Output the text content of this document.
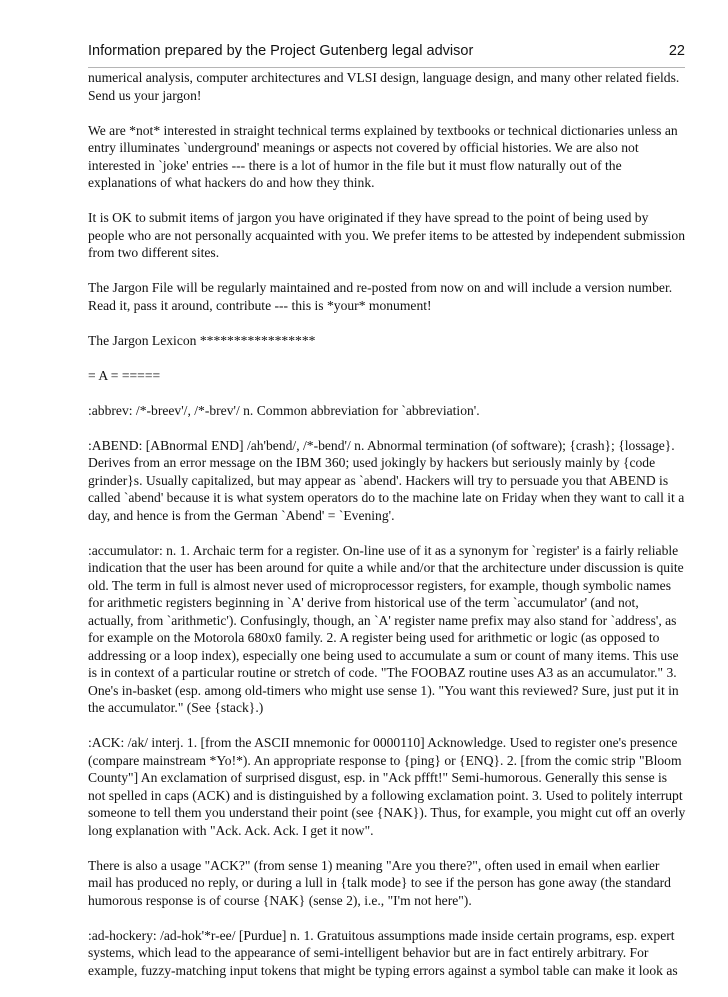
Information prepared by the Project Gutenberg legal advisor	22

numerical analysis, computer architectures and VLSI design, language design, and many other related fields. Send us your jargon!

We are *not* interested in straight technical terms explained by textbooks or technical dictionaries unless an entry illuminates `underground' meanings or aspects not covered by official histories. We are also not interested in `joke' entries --- there is a lot of humor in the file but it must flow naturally out of the explanations of what hackers do and how they think.

It is OK to submit items of jargon you have originated if they have spread to the point of being used by people who are not personally acquainted with you. We prefer items to be attested by independent submission from two different sites.

The Jargon File will be regularly maintained and re-posted from now on and will include a version number. Read it, pass it around, contribute --- this is *your* monument!

The Jargon Lexicon *****************

= A = =====

:abbrev: /*-breev'/, /*-brev'/ n. Common abbreviation for `abbreviation'.

:ABEND: [ABnormal END] /ah'bend/, /*-bend'/ n. Abnormal termination (of software); {crash}; {lossage}. Derives from an error message on the IBM 360; used jokingly by hackers but seriously mainly by {code grinder}s. Usually capitalized, but may appear as `abend'. Hackers will try to persuade you that ABEND is called `abend' because it is what system operators do to the machine late on Friday when they want to call it a day, and hence is from the German `Abend' = `Evening'.

:accumulator: n. 1. Archaic term for a register. On-line use of it as a synonym for `register' is a fairly reliable indication that the user has been around for quite a while and/or that the architecture under discussion is quite old. The term in full is almost never used of microprocessor registers, for example, though symbolic names for arithmetic registers beginning in `A' derive from historical use of the term `accumulator' (and not, actually, from `arithmetic'). Confusingly, though, an `A' register name prefix may also stand for `address', as for example on the Motorola 680x0 family. 2. A register being used for arithmetic or logic (as opposed to addressing or a loop index), especially one being used to accumulate a sum or count of many items. This use is in context of a particular routine or stretch of code. "The FOOBAZ routine uses A3 as an accumulator." 3. One's in-basket (esp. among old-timers who might use sense 1). "You want this reviewed? Sure, just put it in the accumulator." (See {stack}.)

:ACK: /ak/ interj. 1. [from the ASCII mnemonic for 0000110] Acknowledge. Used to register one's presence (compare mainstream *Yo!*). An appropriate response to {ping} or {ENQ}. 2. [from the comic strip "Bloom County"] An exclamation of surprised disgust, esp. in "Ack pffft!" Semi-humorous. Generally this sense is not spelled in caps (ACK) and is distinguished by a following exclamation point. 3. Used to politely interrupt someone to tell them you understand their point (see {NAK}). Thus, for example, you might cut off an overly long explanation with "Ack. Ack. Ack. I get it now".

There is also a usage "ACK?" (from sense 1) meaning "Are you there?", often used in email when earlier mail has produced no reply, or during a lull in {talk mode} to see if the person has gone away (the standard humorous response is of course {NAK} (sense 2), i.e., "I'm not here").

:ad-hockery: /ad-hok'*r-ee/ [Purdue] n. 1. Gratuitous assumptions made inside certain programs, esp. expert systems, which lead to the appearance of semi-intelligent behavior but are in fact entirely arbitrary. For example, fuzzy-matching input tokens that might be typing errors against a symbol table can make it look as
